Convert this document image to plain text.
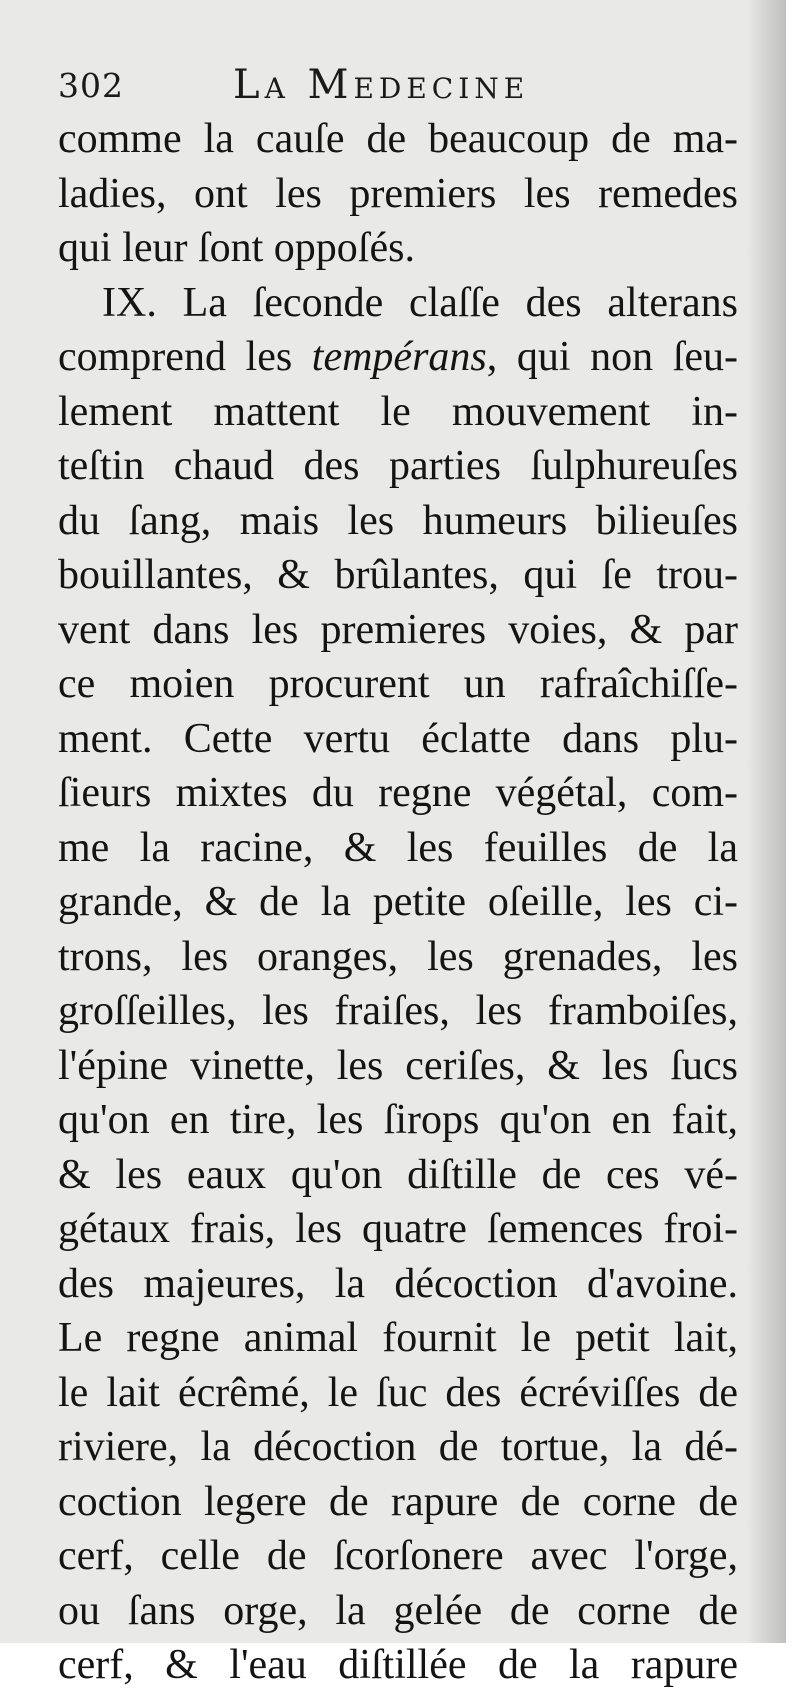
302	La Medecine
comme la cauſe de beaucoup de ma-
ladies, ont les premiers les remedes
qui leur ſont oppoſés.
IX. La ſeconde claſſe des alterans
comprend les tempérans, qui non ſeu-
lement mattent le mouvement in-
teſtin chaud des parties ſulphureuſes
du ſang, mais les humeurs bilieuſes
bouillantes, & brûlantes, qui ſe trou-
vent dans les premieres voies, & par
ce moien procurent un rafraîchiſſe-
ment. Cette vertu éclatte dans plu-
ſieurs mixtes du regne végétal, com-
me la racine, & les feuilles de la
grande, & de la petite oſeille, les ci-
trons, les oranges, les grenades, les
groſſeilles, les fraiſes, les framboiſes,
l'épine vinette, les ceriſes, & les ſucs
qu'on en tire, les ſirops qu'on en fait,
& les eaux qu'on diſtille de ces vé-
gétaux frais, les quatre ſemences froi-
des majeures, la décoction d'avoine.
Le regne animal fournit le petit lait,
le lait écrêmé, le ſuc des écréviſſes de
riviere, la décoction de tortue, la dé-
coction legere de rapure de corne de
cerf, celle de ſcorſonere avec l'orge,
ou ſans orge, la gelée de corne de
cerf, & l'eau diſtillée de la rapure
